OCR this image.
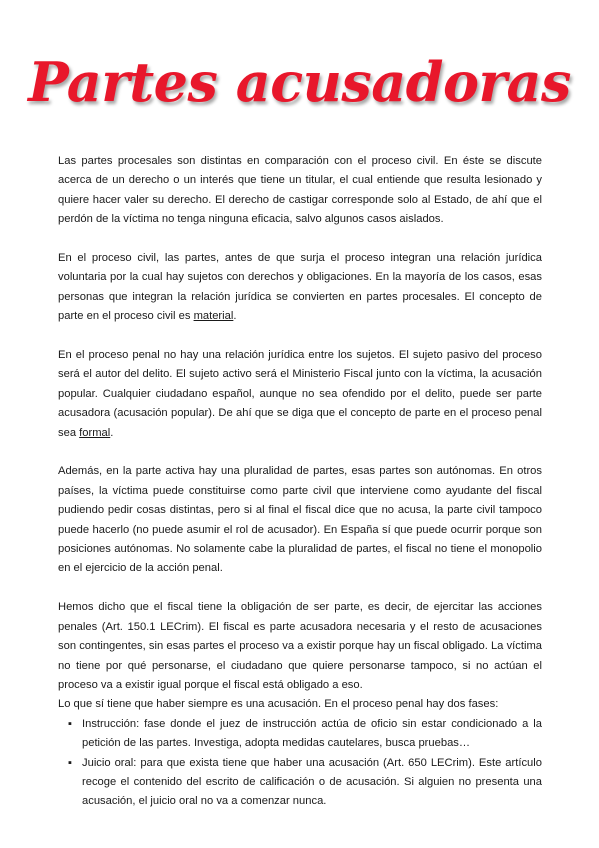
Partes acusadoras

Las partes procesales son distintas en comparación con el proceso civil. En éste se discute acerca de un derecho o un interés que tiene un titular, el cual entiende que resulta lesionado y quiere hacer valer su derecho. El derecho de castigar corresponde solo al Estado, de ahí que el perdón de la víctima no tenga ninguna eficacia, salvo algunos casos aislados.

En el proceso civil, las partes, antes de que surja el proceso integran una relación jurídica voluntaria por la cual hay sujetos con derechos y obligaciones. En la mayoría de los casos, esas personas que integran la relación jurídica se convierten en partes procesales. El concepto de parte en el proceso civil es material.

En el proceso penal no hay una relación jurídica entre los sujetos. El sujeto pasivo del proceso será el autor del delito. El sujeto activo será el Ministerio Fiscal junto con la víctima, la acusación popular. Cualquier ciudadano español, aunque no sea ofendido por el delito, puede ser parte acusadora (acusación popular). De ahí que se diga que el concepto de parte en el proceso penal sea formal.

Además, en la parte activa hay una pluralidad de partes, esas partes son autónomas. En otros países, la víctima puede constituirse como parte civil que interviene como ayudante del fiscal pudiendo pedir cosas distintas, pero si al final el fiscal dice que no acusa, la parte civil tampoco puede hacerlo (no puede asumir el rol de acusador). En España sí que puede ocurrir porque son posiciones autónomas. No solamente cabe la pluralidad de partes, el fiscal no tiene el monopolio en el ejercicio de la acción penal.

Hemos dicho que el fiscal tiene la obligación de ser parte, es decir, de ejercitar las acciones penales (Art. 150.1 LECrim). El fiscal es parte acusadora necesaria y el resto de acusaciones son contingentes, sin esas partes el proceso va a existir porque hay un fiscal obligado. La víctima no tiene por qué personarse, el ciudadano que quiere personarse tampoco, si no actúan el proceso va a existir igual porque el fiscal está obligado a eso.

Lo que sí tiene que haber siempre es una acusación. En el proceso penal hay dos fases:

▪ Instrucción: fase donde el juez de instrucción actúa de oficio sin estar condicionado a la petición de las partes. Investiga, adopta medidas cautelares, busca pruebas…
▪ Juicio oral: para que exista tiene que haber una acusación (Art. 650 LECrim). Este artículo recoge el contenido del escrito de calificación o de acusación. Si alguien no presenta una acusación, el juicio oral no va a comenzar nunca.
